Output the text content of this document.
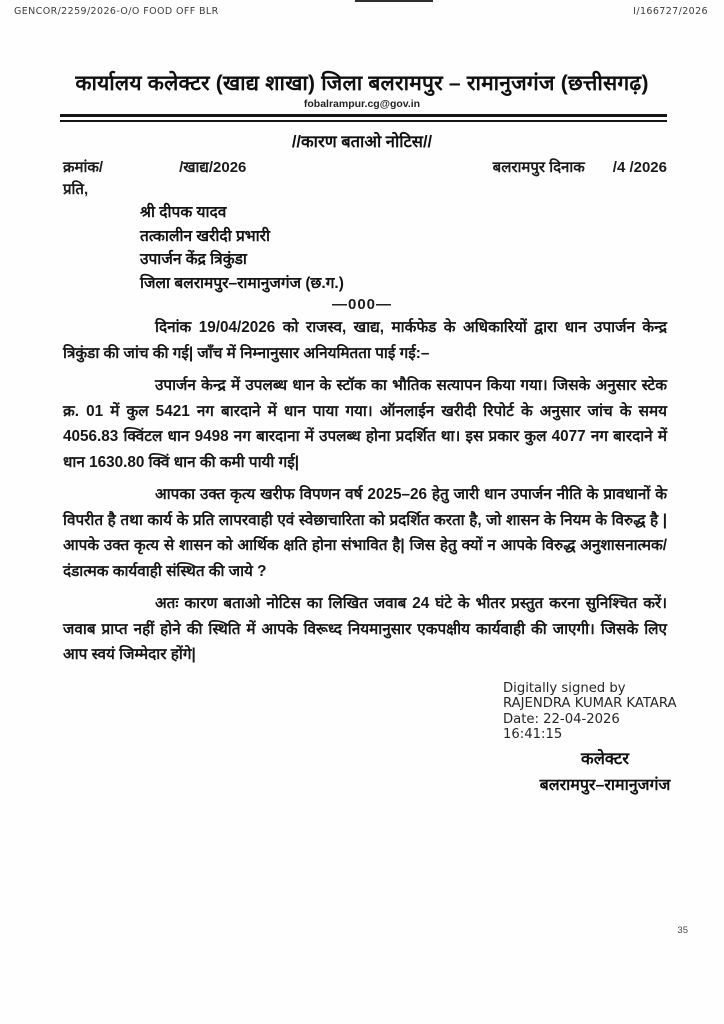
GENCOR/2259/2026-O/O FOOD OFF BLR	I/166727/2026
कार्यालय कलेक्टर (खाद्य शाखा) जिला बलरामपुर – रामानुजगंज (छत्तीसगढ़)
fobalrampur.cg@gov.in
//कारण बताओ नोटिस//
क्रमांक/	/खाद्य/2026	बलरामपुर दिनाक /4 /2026
प्रति,
श्री दीपक यादव
तत्कालीन खरीदी प्रभारी
उपार्जन केंद्र त्रिकुंडा
जिला बलरामपुर–रामानुजगंज (छ.ग.)
—000—

दिनांक 19/04/2026 को राजस्व, खाद्य, मार्कफेड के अधिकारियों द्वारा धान उपार्जन केन्द्र त्रिकुंडा की जांच की गई| जाँच में निम्नानुसार अनियमितता पाई गई:–

उपार्जन केन्द्र में उपलब्ध धान के स्टॉक का भौतिक सत्यापन किया गया। जिसके अनुसार स्टेक क्र. 01 में कुल 5421 नग बारदाने में धान पाया गया। ऑनलाईन खरीदी रिपोर्ट के अनुसार जांच के समय 4056.83 क्विंटल धान 9498 नग बारदाना में उपलब्ध होना प्रदर्शित था। इस प्रकार कुल 4077 नग बारदाने में धान 1630.80 क्विं धान की कमी पायी गई|

आपका उक्त कृत्य खरीफ विपणन वर्ष 2025–26 हेतु जारी धान उपार्जन नीति के प्रावधानों के विपरीत है तथा कार्य के प्रति लापरवाही एवं स्वेछाचारिता को प्रदर्शित करता है, जो शासन के नियम के विरुद्ध है | आपके उक्त कृत्य से शासन को आर्थिक क्षति होना संभावित है| जिस हेतु क्यों न आपके विरुद्ध अनुशासनात्मक/दंडात्मक कार्यवाही संस्थित की जाये ?

अतः कारण बताओ नोटिस का लिखित जवाब 24 घंटे के भीतर प्रस्तुत करना सुनिश्चित करें। जवाब प्राप्त नहीं होने की स्थिति में आपके विरूध्द नियमानुसार एकपक्षीय कार्यवाही की जाएगी। जिसके लिए आप स्वयं जिम्मेदार होंगे|

Digitally signed by
RAJENDRA KUMAR KATARA
Date: 22-04-2026
16:41:15
कलेक्टर
बलरामपुर–रामानुजगंज
35
